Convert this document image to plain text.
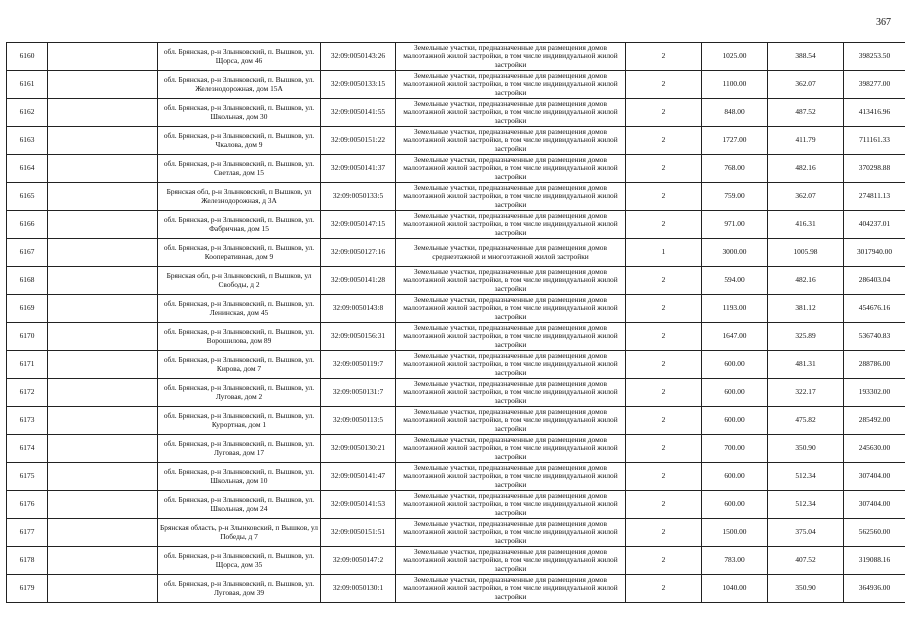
367
6160		обл. Брянская, р-н Злынковский, п. Вышков, ул. Щорса, дом 46	32:09:0050143:26	Земельные участки, предназначенные для размещения домов малоэтажной жилой застройки, в том числе индивидуальной жилой застройки	2	1025.00	388.54	398253.50
6161		обл. Брянская, р-н Злынковский, п. Вышков, ул. Железнодорожная, дом 15А	32:09:0050133:15	Земельные участки, предназначенные для размещения домов малоэтажной жилой застройки, в том числе индивидуальной жилой застройки	2	1100.00	362.07	398277.00
6162		обл. Брянская, р-н Злынковский, п. Вышков, ул. Школьная, дом 30	32:09:0050141:55	Земельные участки, предназначенные для размещения домов малоэтажной жилой застройки, в том числе индивидуальной жилой застройки	2	848.00	487.52	413416.96
6163		обл. Брянская, р-н Злынковский, п. Вышков, ул. Чкалова, дом 9	32:09:0050151:22	Земельные участки, предназначенные для размещения домов малоэтажной жилой застройки, в том числе индивидуальной жилой застройки	2	1727.00	411.79	711161.33
6164		обл. Брянская, р-н Злынковский, п. Вышков, ул. Светлая, дом 15	32:09:0050141:37	Земельные участки, предназначенные для размещения домов малоэтажной жилой застройки, в том числе индивидуальной жилой застройки	2	768.00	482.16	370298.88
6165		Брянская обл, р-н Злынковский, п Вышков, ул Железнодорожная, д 3А	32:09:0050133:5	Земельные участки, предназначенные для размещения домов малоэтажной жилой застройки, в том числе индивидуальной жилой застройки	2	759.00	362.07	274811.13
6166		обл. Брянская, р-н Злынковский, п. Вышков, ул. Фабричная, дом 15	32:09:0050147:15	Земельные участки, предназначенные для размещения домов малоэтажной жилой застройки, в том числе индивидуальной жилой застройки	2	971.00	416.31	404237.01
6167		обл. Брянская, р-н Злынковский, п. Вышков, ул. Кооперативная, дом 9	32:09:0050127:16	Земельные участки, предназначенные для размещения домов среднеэтажной и многоэтажной жилой застройки	1	3000.00	1005.98	3017940.00
6168		Брянская обл, р-н Злынковский, п Вышков, ул Свободы, д 2	32:09:0050141:28	Земельные участки, предназначенные для размещения домов малоэтажной жилой застройки, в том числе индивидуальной жилой застройки	2	594.00	482.16	286403.04
6169		обл. Брянская, р-н Злынковский, п. Вышков, ул. Ленинская, дом 45	32:09:0050143:8	Земельные участки, предназначенные для размещения домов малоэтажной жилой застройки, в том числе индивидуальной жилой застройки	2	1193.00	381.12	454676.16
6170		обл. Брянская, р-н Злынковский, п. Вышков, ул. Ворошилова, дом 89	32:09:0050156:31	Земельные участки, предназначенные для размещения домов малоэтажной жилой застройки, в том числе индивидуальной жилой застройки	2	1647.00	325.89	536740.83
6171		обл. Брянская, р-н Злынковский, п. Вышков, ул. Кирова, дом 7	32:09:0050119:7	Земельные участки, предназначенные для размещения домов малоэтажной жилой застройки, в том числе индивидуальной жилой застройки	2	600.00	481.31	288786.00
6172		обл. Брянская, р-н Злынковский, п. Вышков, ул. Луговая, дом 2	32:09:0050131:7	Земельные участки, предназначенные для размещения домов малоэтажной жилой застройки, в том числе индивидуальной жилой застройки	2	600.00	322.17	193302.00
6173		обл. Брянская, р-н Злынковский, п. Вышков, ул. Курортная, дом 1	32:09:0050113:5	Земельные участки, предназначенные для размещения домов малоэтажной жилой застройки, в том числе индивидуальной жилой застройки	2	600.00	475.82	285492.00
6174		обл. Брянская, р-н Злынковский, п. Вышков, ул. Луговая, дом 17	32:09:0050130:21	Земельные участки, предназначенные для размещения домов малоэтажной жилой застройки, в том числе индивидуальной жилой застройки	2	700.00	350.90	245630.00
6175		обл. Брянская, р-н Злынковский, п. Вышков, ул. Школьная, дом 10	32:09:0050141:47	Земельные участки, предназначенные для размещения домов малоэтажной жилой застройки, в том числе индивидуальной жилой застройки	2	600.00	512.34	307404.00
6176		обл. Брянская, р-н Злынковский, п. Вышков, ул. Школьная, дом 24	32:09:0050141:53	Земельные участки, предназначенные для размещения домов малоэтажной жилой застройки, в том числе индивидуальной жилой застройки	2	600.00	512.34	307404.00
6177		Брянская область, р-н Злынковский, п Вышков, ул Победы, д 7	32:09:0050151:51	Земельные участки, предназначенные для размещения домов малоэтажной жилой застройки, в том числе индивидуальной жилой застройки	2	1500.00	375.04	562560.00
6178		обл. Брянская, р-н Злынковский, п. Вышков, ул. Щорса, дом 35	32:09:0050147:2	Земельные участки, предназначенные для размещения домов малоэтажной жилой застройки, в том числе индивидуальной жилой застройки	2	783.00	407.52	319088.16
6179		обл. Брянская, р-н Злынковский, п. Вышков, ул. Луговая, дом 39	32:09:0050130:1	Земельные участки, предназначенные для размещения домов малоэтажной жилой застройки, в том числе индивидуальной жилой застройки	2	1040.00	350.90	364936.00
